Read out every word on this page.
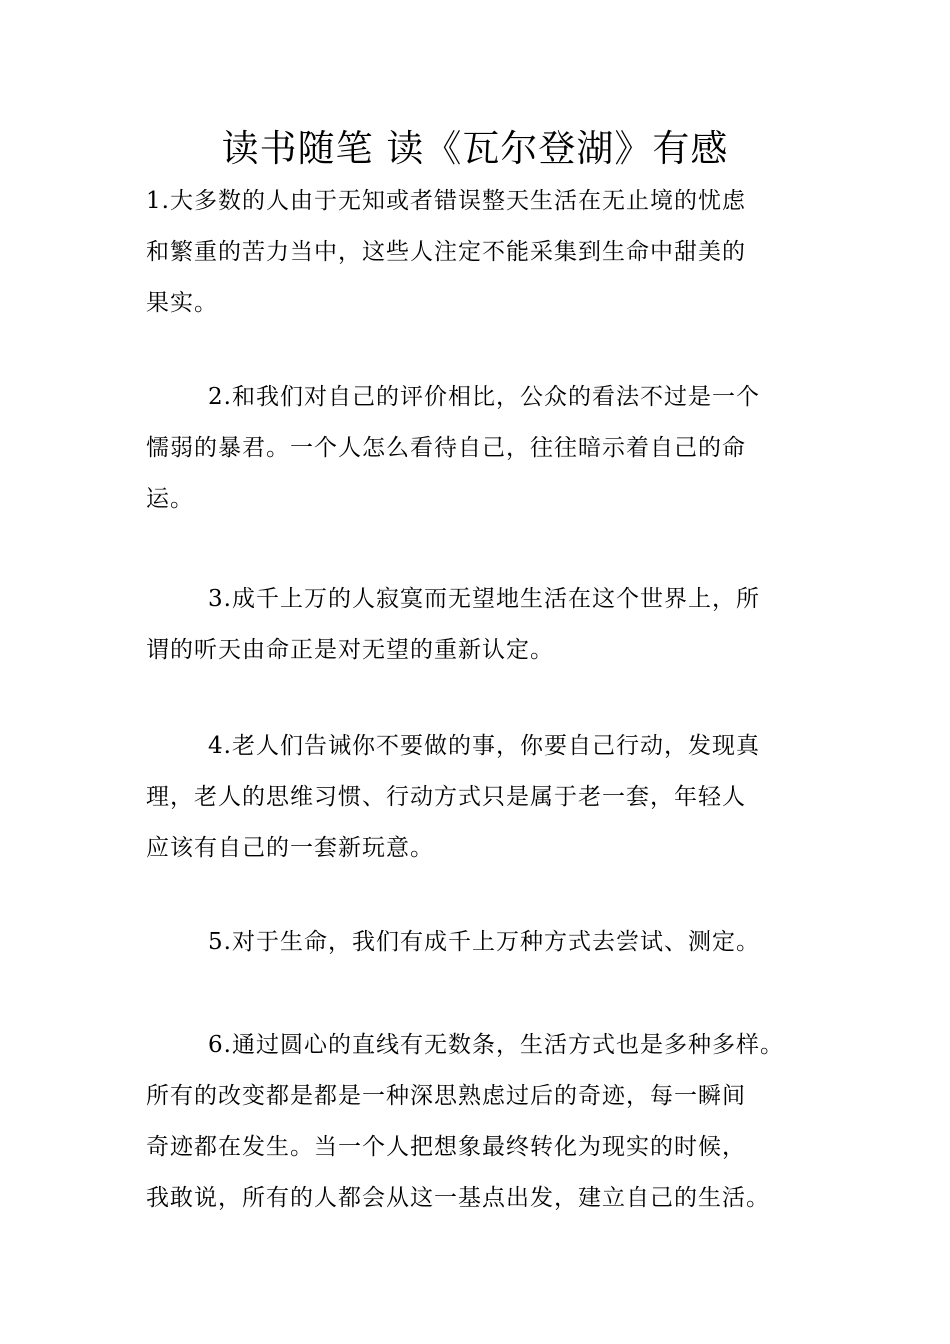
读书随笔 读《瓦尔登湖》有感
1.大多数的人由于无知或者错误整天生活在无止境的忧虑
和繁重的苦力当中，这些人注定不能采集到生命中甜美的
果实。
2.和我们对自己的评价相比，公众的看法不过是一个
懦弱的暴君。一个人怎么看待自己，往往暗示着自己的命
运。
3.成千上万的人寂寞而无望地生活在这个世界上，所
谓的听天由命正是对无望的重新认定。
4.老人们告诫你不要做的事，你要自己行动，发现真
理，老人的思维习惯、行动方式只是属于老一套，年轻人
应该有自己的一套新玩意。
5.对于生命，我们有成千上万种方式去尝试、测定。
6.通过圆心的直线有无数条，生活方式也是多种多样。
所有的改变都是都是一种深思熟虑过后的奇迹，每一瞬间
奇迹都在发生。当一个人把想象最终转化为现实的时候，
我敢说，所有的人都会从这一基点出发，建立自己的生活。
